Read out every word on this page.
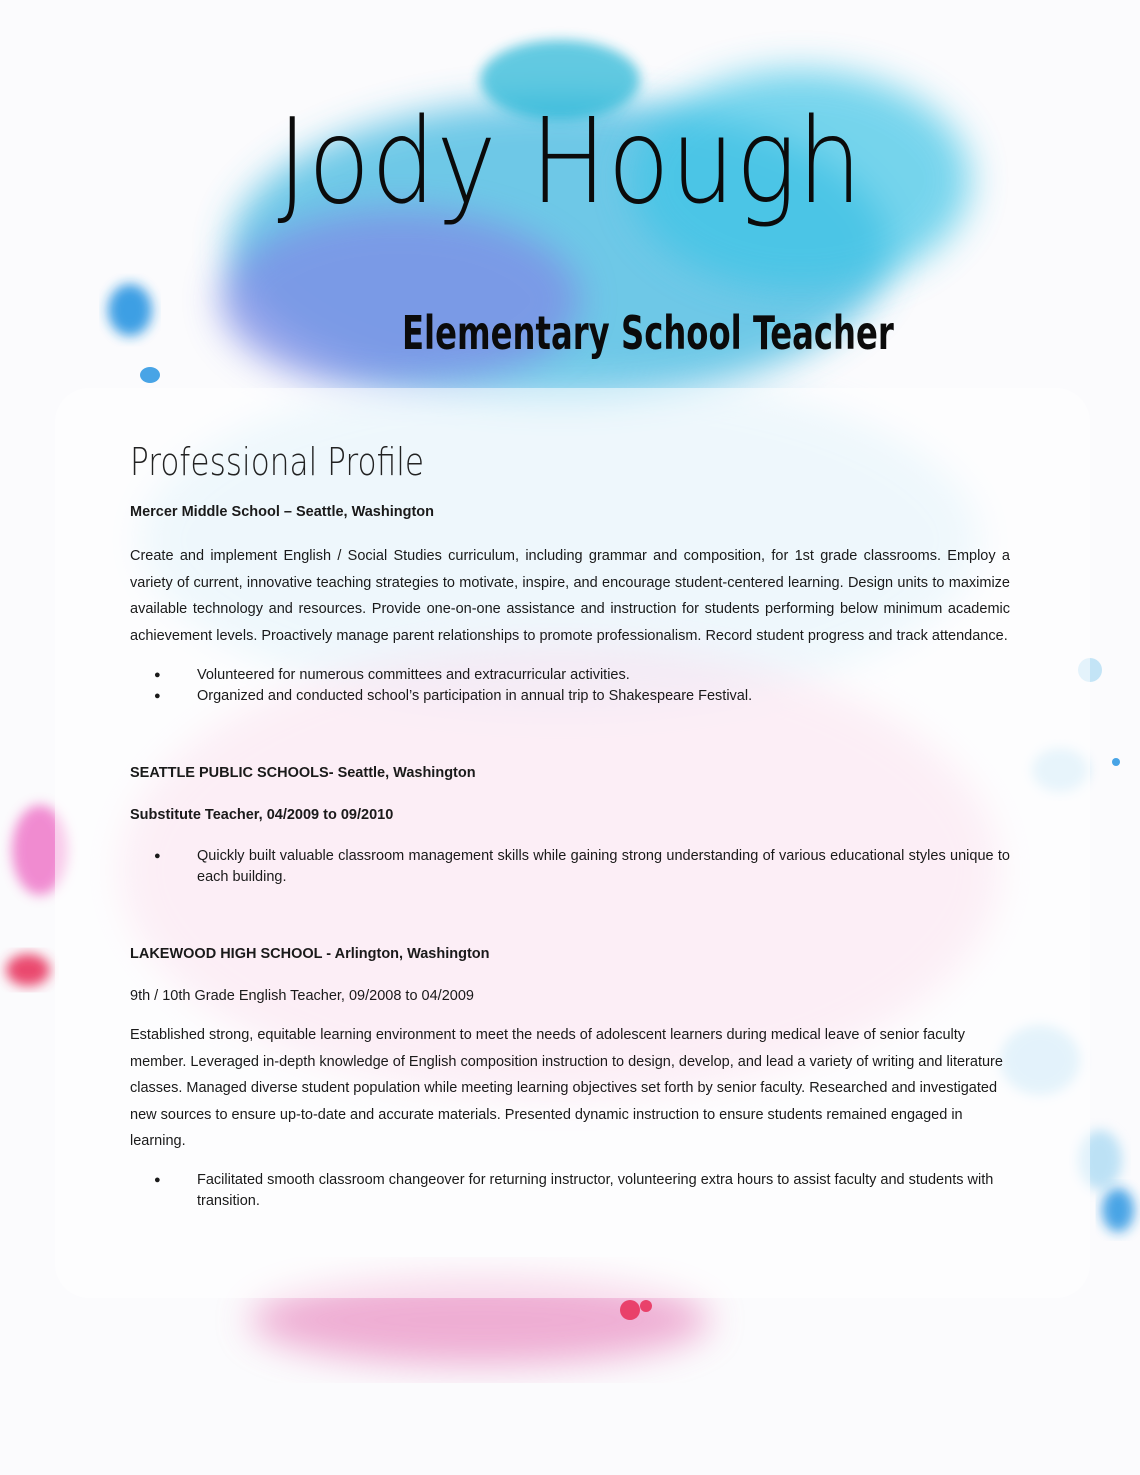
Jody Hough
Elementary School Teacher
Professional Profile

Mercer Middle School – Seattle, Washington

Create and implement English / Social Studies curriculum, including grammar and composition, for 1st grade classrooms. Employ a variety of current, innovative teaching strategies to motivate, inspire, and encourage student-centered learning. Design units to maximize available technology and resources. Provide one-on-one assistance and instruction for students performing below minimum academic achievement levels. Proactively manage parent relationships to promote professionalism. Record student progress and track attendance.

● Volunteered for numerous committees and extracurricular activities.
● Organized and conducted school’s participation in annual trip to Shakespeare Festival.

SEATTLE PUBLIC SCHOOLS- Seattle, Washington

Substitute Teacher, 04/2009 to 09/2010

● Quickly built valuable classroom management skills while gaining strong understanding of various educational styles unique to each building.

LAKEWOOD HIGH SCHOOL - Arlington, Washington

9th / 10th Grade English Teacher, 09/2008 to 04/2009

Established strong, equitable learning environment to meet the needs of adolescent learners during medical leave of senior faculty member. Leveraged in-depth knowledge of English composition instruction to design, develop, and lead a variety of writing and literature classes. Managed diverse student population while meeting learning objectives set forth by senior faculty. Researched and investigated new sources to ensure up-to-date and accurate materials. Presented dynamic instruction to ensure students remained engaged in learning.

● Facilitated smooth classroom changeover for returning instructor, volunteering extra hours to assist faculty and students with transition.
